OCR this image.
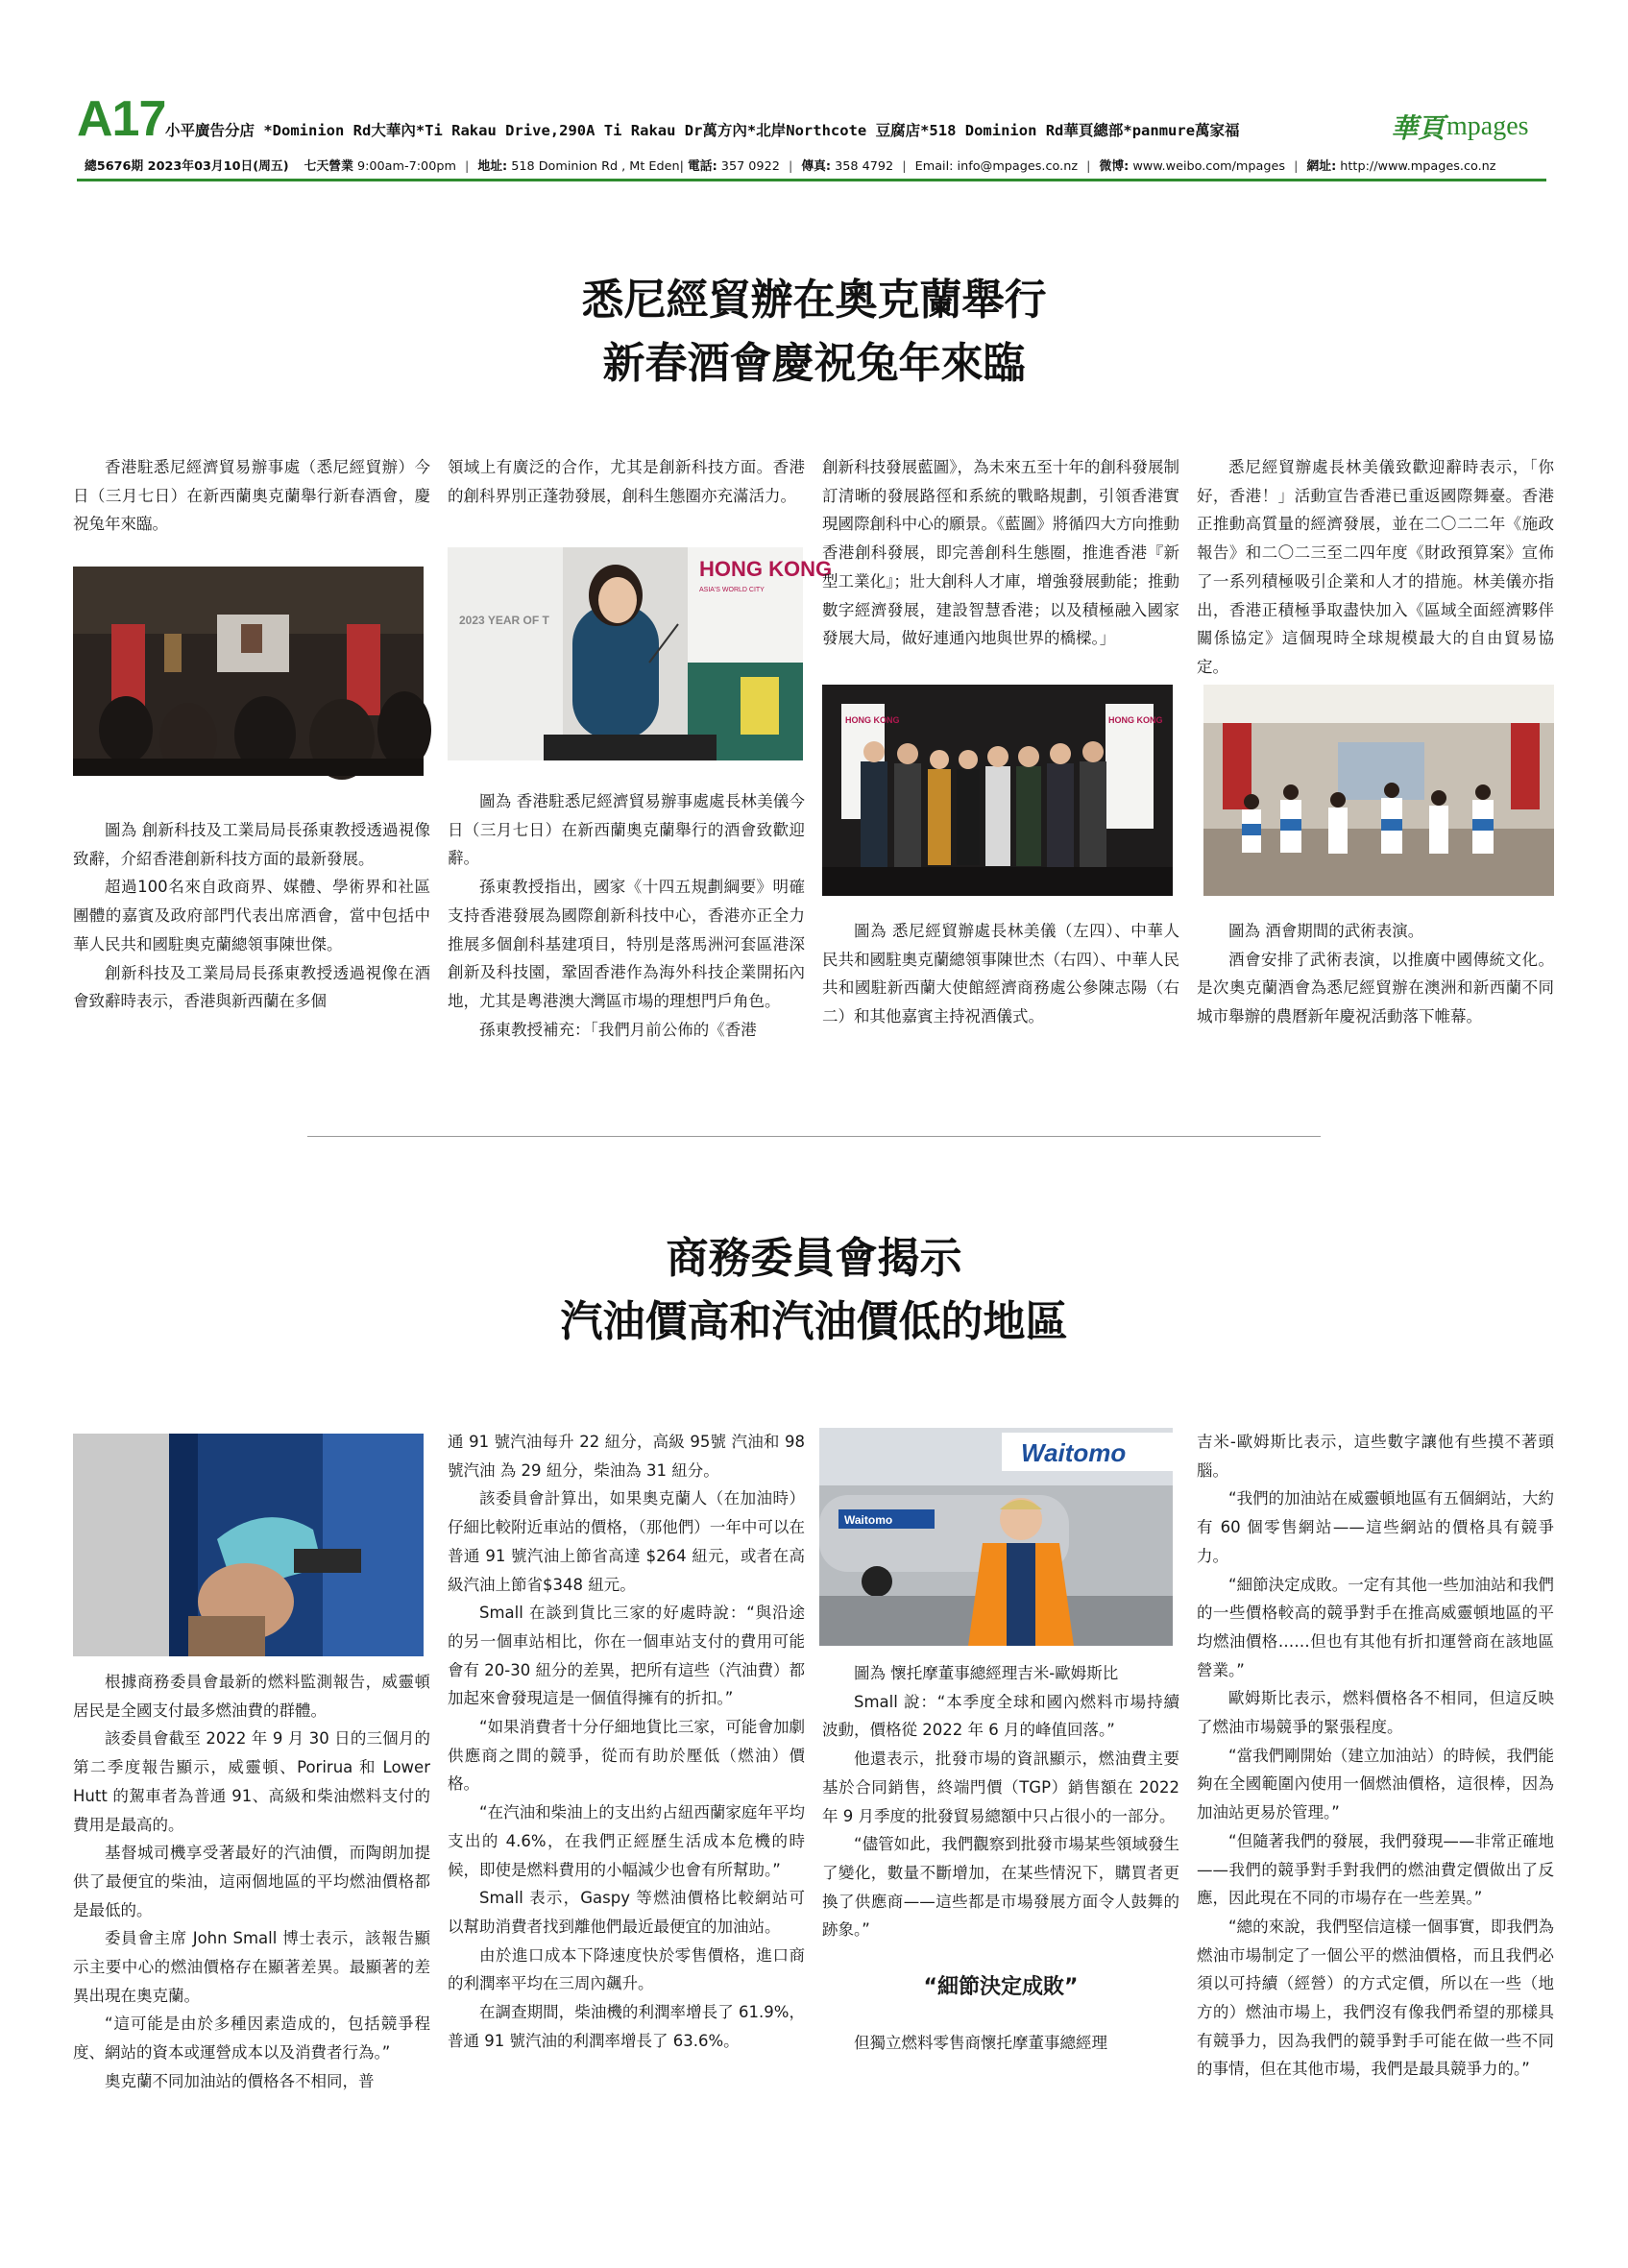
A17 小平廣告分店 *Dominion Rd大華內*Ti Rakau Drive,290A Ti Rakau Dr萬方內*北岸Northcote 豆腐店*518 Dominion Rd華頁總部*panmure萬家福	華頁 mpages
總5676期 2023年03月10日(周五) 七天營業 9:00am-7:00pm | 地址: 518 Dominion Rd , Mt Eden| 電話: 357 0922 | 傳真: 358 4792 | Email: info@mpages.co.nz | 微博: www.weibo.com/mpages | 網址: http://www.mpages.co.nz
悉尼經貿辦在奧克蘭舉行
新春酒會慶祝兔年來臨

香港駐悉尼經濟貿易辦事處（悉尼經貿辦）今日（三月七日）在新西蘭奧克蘭舉行新春酒會，慶祝兔年來臨。

圖為 創新科技及工業局局長孫東教授透過視像致辭，介紹香港創新科技方面的最新發展。

超過100名來自政商界、媒體、學術界和社區團體的嘉賓及政府部門代表出席酒會，當中包括中華人民共和國駐奧克蘭總領事陳世傑。

創新科技及工業局局長孫東教授透過視像在酒會致辭時表示，香港與新西蘭在多個

領域上有廣泛的合作，尤其是創新科技方面。香港的創科界別正蓬勃發展，創科生態圈亦充滿活力。

HONG KONG
ASIA'S WORLD CITY
2023 YEAR OF T

圖為 香港駐悉尼經濟貿易辦事處處長林美儀今日（三月七日）在新西蘭奧克蘭舉行的酒會致歡迎辭。

孫東教授指出，國家《十四五規劃綱要》明確支持香港發展為國際創新科技中心，香港亦正全力推展多個創科基建項目，特別是落馬洲河套區港深創新及科技園，鞏固香港作為海外科技企業開拓內地，尤其是粵港澳大灣區市場的理想門戶角色。

孫東教授補充：「我們月前公佈的《香港

創新科技發展藍圖》，為未來五至十年的創科發展制訂清晰的發展路徑和系統的戰略規劃，引領香港實現國際創科中心的願景。《藍圖》將循四大方向推動香港創科發展，即完善創科生態圈，推進香港『新型工業化』；壯大創科人才庫，增強發展動能；推動數字經濟發展，建設智慧香港；以及積極融入國家發展大局，做好連通內地與世界的橋樑。」

HONG KONG	HONG KONG

圖為 悉尼經貿辦處長林美儀（左四）、中華人民共和國駐奧克蘭總領事陳世杰（右四）、中華人民共和國駐新西蘭大使館經濟商務處公參陳志陽（右二）和其他嘉賓主持祝酒儀式。

悉尼經貿辦處長林美儀致歡迎辭時表示，「你好，香港！」活動宣告香港已重返國際舞臺。香港正推動高質量的經濟發展，並在二〇二二年《施政報告》和二〇二三至二四年度《財政預算案》宣佈了一系列積極吸引企業和人才的措施。林美儀亦指出，香港正積極爭取盡快加入《區域全面經濟夥伴關係協定》這個現時全球規模最大的自由貿易協定。

圖為 酒會期間的武術表演。

酒會安排了武術表演，以推廣中國傳統文化。是次奧克蘭酒會為悉尼經貿辦在澳洲和新西蘭不同城市舉辦的農曆新年慶祝活動落下帷幕。

商務委員會揭示
汽油價高和汽油價低的地區

根據商務委員會最新的燃料監測報告，威靈頓居民是全國支付最多燃油費的群體。

該委員會截至 2022 年 9 月 30 日的三個月的第二季度報告顯示，威靈頓、Porirua 和 Lower Hutt 的駕車者為普通 91、高級和柴油燃料支付的費用是最高的。

基督城司機享受著最好的汽油價，而陶朗加提供了最便宜的柴油，這兩個地區的平均燃油價格都是最低的。

委員會主席 John Small 博士表示，該報告顯示主要中心的燃油價格存在顯著差異。最顯著的差異出現在奧克蘭。

“這可能是由於多種因素造成的，包括競爭程度、網站的資本或運營成本以及消費者行為。”

奧克蘭不同加油站的價格各不相同，普

通 91 號汽油每升 22 紐分，高級 95號 汽油和 98號汽油 為 29 紐分，柴油為 31 紐分。

該委員會計算出，如果奧克蘭人（在加油時）仔細比較附近車站的價格，（那他們）一年中可以在普通 91 號汽油上節省高達 $264 紐元，或者在高級汽油上節省$348 紐元。

Small 在談到貨比三家的好處時說：“與沿途的另一個車站相比，你在一個車站支付的費用可能會有 20-30 紐分的差異，把所有這些（汽油費）都加起來會發現這是一個值得擁有的折扣。”

“如果消費者十分仔細地貨比三家，可能會加劇供應商之間的競爭，從而有助於壓低（燃油）價格。

“在汽油和柴油上的支出約占紐西蘭家庭年平均支出的 4.6%，在我們正經歷生活成本危機的時候，即使是燃料費用的小幅減少也會有所幫助。”

Small 表示，Gaspy 等燃油價格比較網站可以幫助消費者找到離他們最近最便宜的加油站。

由於進口成本下降速度快於零售價格，進口商的利潤率平均在三周內飆升。

在調查期間，柴油機的利潤率增長了 61.9%，普通 91 號汽油的利潤率增長了 63.6%。

Waitomo
Waitomo

圖為 懷托摩董事總經理吉米-歐姆斯比

Small 說：“本季度全球和國內燃料市場持續波動，價格從 2022 年 6 月的峰值回落。”

他還表示，批發市場的資訊顯示，燃油費主要基於合同銷售，終端門價（TGP）銷售額在 2022 年 9 月季度的批發貿易總額中只占很小的一部分。

“儘管如此，我們觀察到批發市場某些領域發生了變化，數量不斷增加，在某些情況下，購買者更換了供應商——這些都是市場發展方面令人鼓舞的跡象。”

“細節決定成敗”

但獨立燃料零售商懷托摩董事總經理

吉米-歐姆斯比表示，這些數字讓他有些摸不著頭腦。

“我們的加油站在威靈頓地區有五個網站，大約有 60 個零售網站——這些網站的價格具有競爭力。

“細節決定成敗。一定有其他一些加油站和我們的一些價格較高的競爭對手在推高威靈頓地區的平均燃油價格……但也有其他有折扣運營商在該地區營業。”

歐姆斯比表示，燃料價格各不相同，但這反映了燃油市場競爭的緊張程度。

“當我們剛開始（建立加油站）的時候，我們能夠在全國範圍內使用一個燃油價格，這很棒，因為加油站更易於管理。”

“但隨著我們的發展，我們發現——非常正確地——我們的競爭對手對我們的燃油費定價做出了反應，因此現在不同的市場存在一些差異。”

“總的來說，我們堅信這樣一個事實，即我們為燃油市場制定了一個公平的燃油價格，而且我們必須以可持續（經營）的方式定價，所以在一些（地方的）燃油市場上，我們沒有像我們希望的那樣具有競爭力，因為我們的競爭對手可能在做一些不同的事情，但在其他市場，我們是最具競爭力的。”
